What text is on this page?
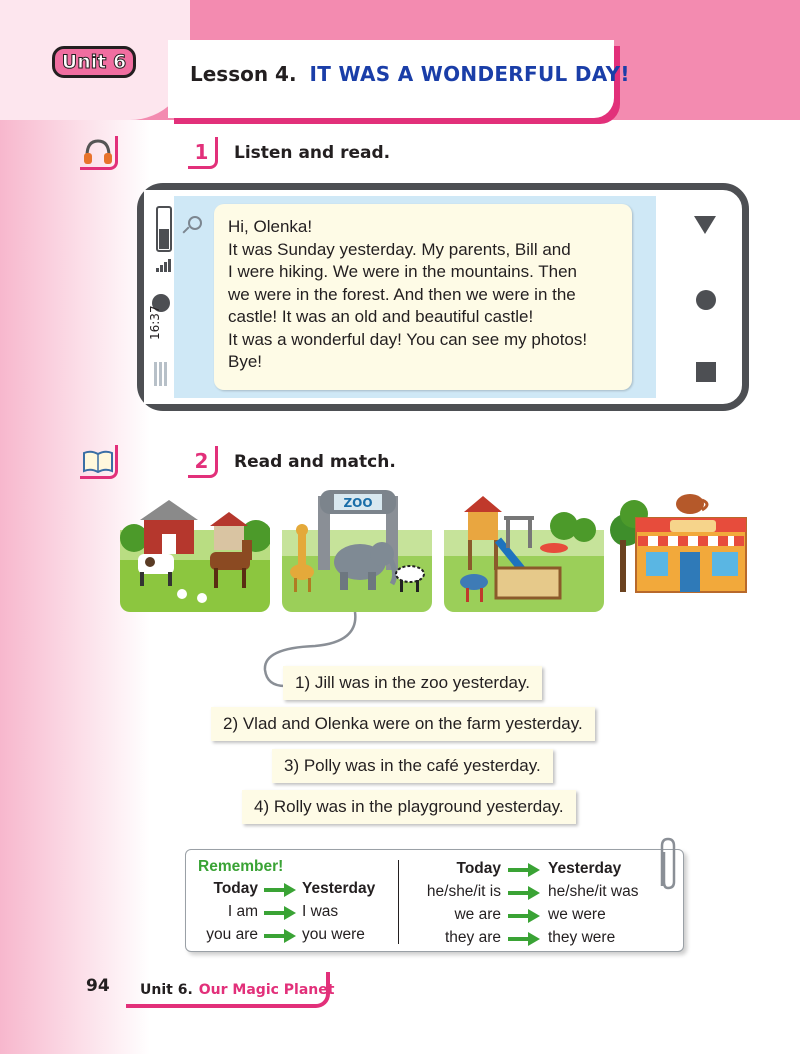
Unit 6	Lesson 4. IT WAS A WONDERFUL DAY!
1	Listen and read.
16:37

Hi, Olenka!
It was Sunday yesterday. My parents, Bill and
I were hiking. We were in the mountains. Then
we were in the forest. And then we were in the
castle! It was an old and beautiful castle!
It was a wonderful day! You can see my photos!
Bye!

2	Read and match.
ZOO
1) Jill was in the zoo yesterday.
2) Vlad and Olenka were on the farm yesterday.
3) Polly was in the café yesterday.
4) Rolly was in the playground yesterday.
Remember!
Today	Yesterday
I am	I was
you are	you were
Today	Yesterday
he/she/it is	he/she/it was
we are	we were
they are	they were
94 Unit 6. Our Magic Planet
